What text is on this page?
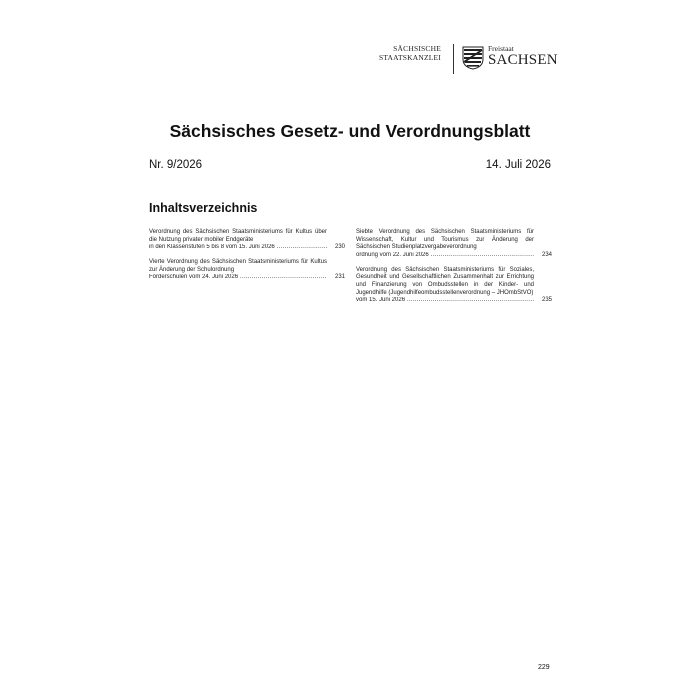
SÄCHSISCHE
STAATSKANZLEI
Freistaat
SACHSEN
Sächsisches Gesetz- und Verordnungsblatt
Nr. 9/2026	14. Juli 2026
Inhaltsverzeichnis
Verordnung des Sächsischen Staatsministeriums für Kultus über die Nutzung privater mobiler Endgeräte
in den Klassenstufen 5 bis 8 vom 15. Juni 2026 .....	230
Vierte Verordnung des Sächsischen Staatsministeriums für Kultus zur Änderung der Schulordnung
Förderschulen vom 24. Juni 2026 .....	231
Siebte Verordnung des Sächsischen Staatsministeriums für Wissenschaft, Kultur und Tourismus zur Änderung der Sächsischen Studienplatzvergabeverordnung
ordnung vom 22. Juni 2026 .....	234
Verordnung des Sächsischen Staatsministeriums für Soziales, Gesundheit und Gesellschaftlichen Zusammenhalt zur Errichtung und Finanzierung von Ombudsstellen in der Kinder- und Jugendhilfe (Jugendhilfeombudsstellenverordnung – JHOmbStVO)
vom 15. Juni 2026 .....	235
229
